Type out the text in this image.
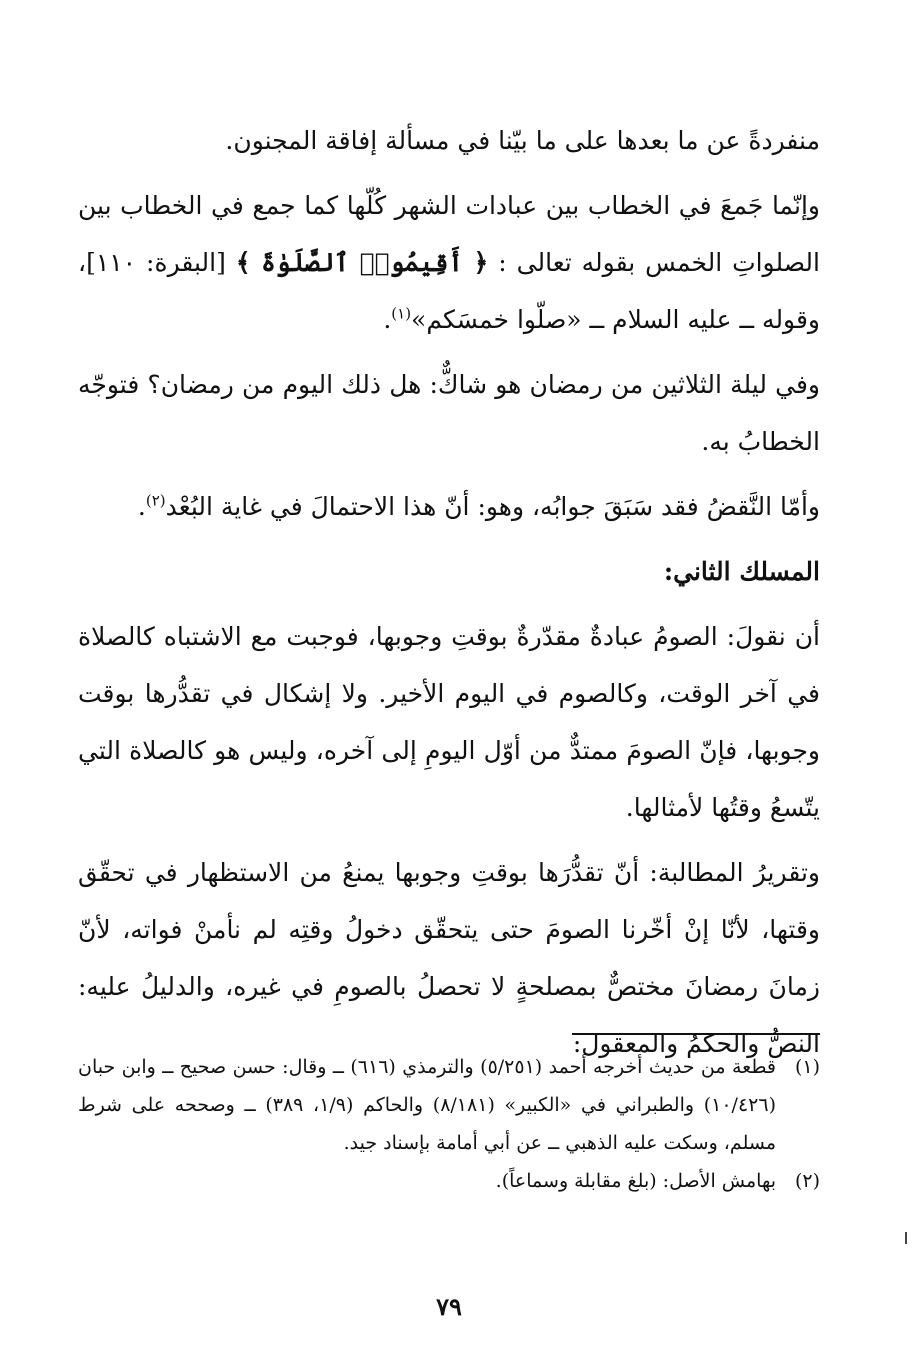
منفردةً عن ما بعدها على ما بيّنا في مسألة إفاقة المجنون.

وإنّما جَمعَ في الخطاب بين عبادات الشهر كُلّها كما جمع في الخطاب بين الصلواتِ الخمس بقوله تعالى : ﴿ أَقِيمُوا۟ ٱلصَّلَوٰةَ ﴾ [البقرة: ١١٠]، وقوله ــ عليه السلام ــ «صلّوا خمسَكم»$^{(١)}$.

وفي ليلة الثلاثين من رمضان هو شاكٌّ: هل ذلك اليوم من رمضان؟ فتوجّه الخطابُ به.

وأمّا النَّقضُ فقد سَبَقَ جوابُه، وهو: أنّ هذا الاحتمالَ في غاية البُعْد$^{(٢)}$.

المسلك الثاني:

أن نقولَ: الصومُ عبادةٌ مقدّرةٌ بوقتِ وجوبها، فوجبت مع الاشتباه كالصلاة في آخر الوقت، وكالصوم في اليوم الأخير. ولا إشكال في تقدُّرها بوقت وجوبها، فإنّ الصومَ ممتدٌّ من أوّل اليومِ إلى آخره، وليس هو كالصلاة التي يتّسعُ وقتُها لأمثالها.

وتقريرُ المطالبة: أنّ تقدُّرَها بوقتِ وجوبها يمنعُ من الاستظهار في تحقّق وقتها، لأنّا إنْ أخّرنا الصومَ حتى يتحقّق دخولُ وقتِه لم نأمنْ فواته، لأنّ زمانَ رمضانَ مختصٌّ بمصلحةٍ لا تحصلُ بالصومِ في غيره، والدليلُ عليه: النصُّ والحكمُ والمعقول:

(١)
قطعة من حديث أخرجه أحمد (٥/٢٥١) والترمذي (٦١٦) ــ وقال: حسن صحيح ــ وابن حبان (١٠/٤٢٦) والطبراني في «الكبير» (٨/١٨١) والحاكم (١/٩، ٣٨٩) ــ وصححه على شرط مسلم، وسكت عليه الذهبي ــ عن أبي أمامة بإسناد جيد.
(٢)
بهامش الأصل: (بلغ مقابلة وسماعاً).
٧٩
